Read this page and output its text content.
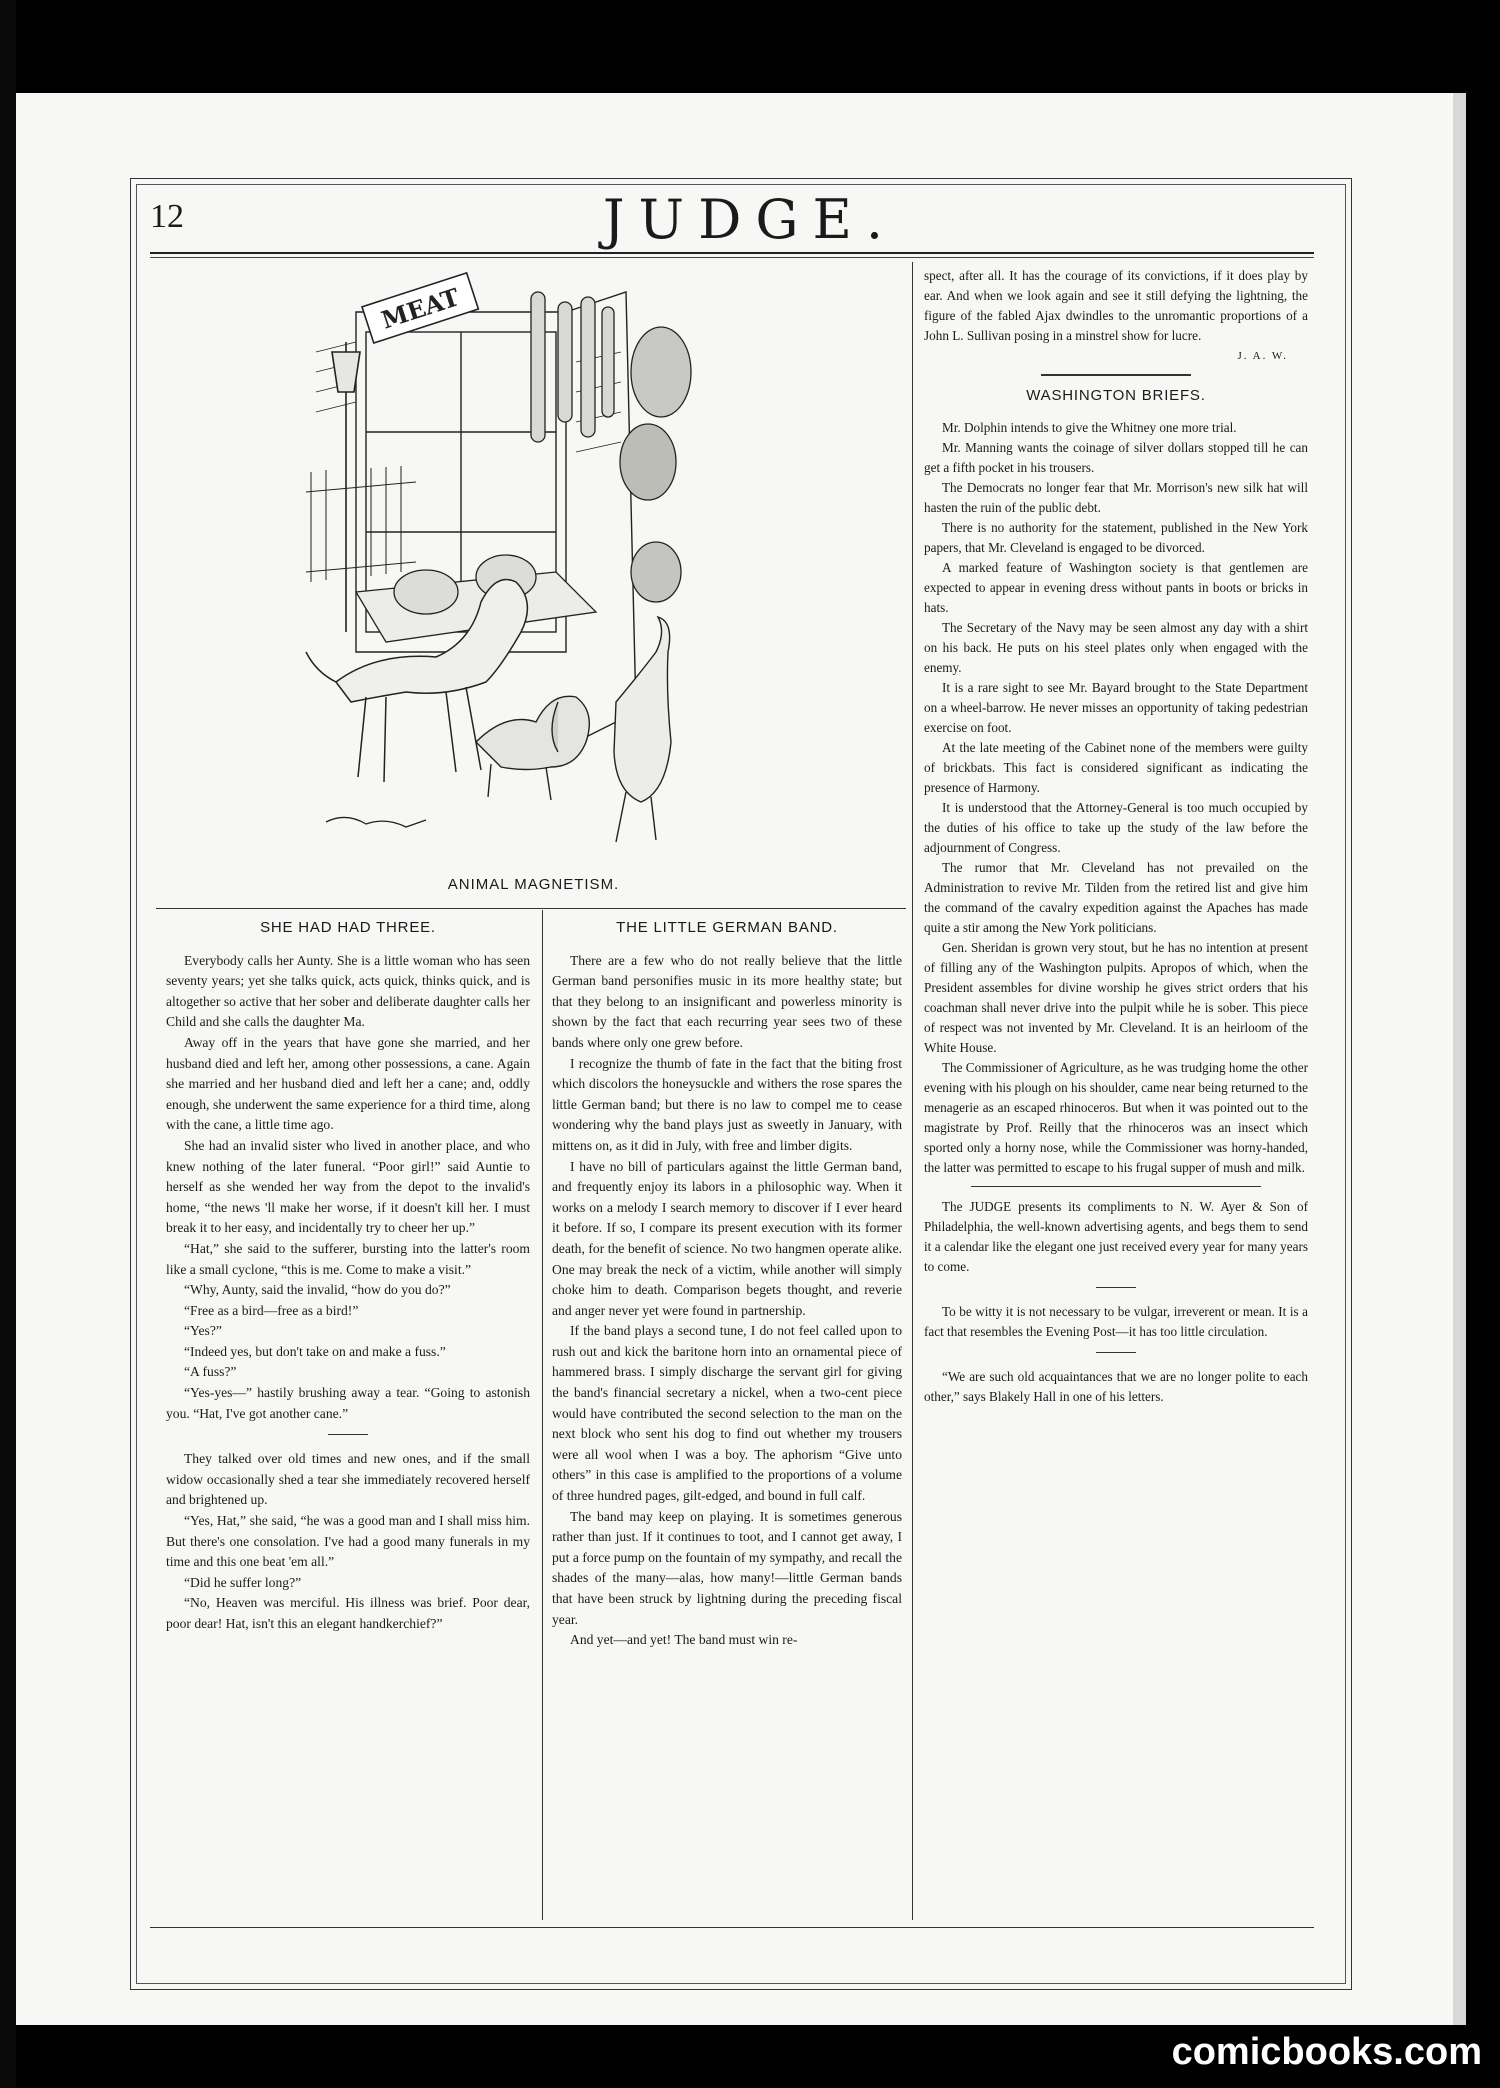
12	JUDGE.
MEAT
ANIMAL MAGNETISM.
SHE HAD HAD THREE.

Everybody calls her Aunty. She is a little woman who has seen seventy years; yet she talks quick, acts quick, thinks quick, and is altogether so active that her sober and deliberate daughter calls her Child and she calls the daughter Ma.

Away off in the years that have gone she married, and her husband died and left her, among other possessions, a cane. Again she married and her husband died and left her a cane; and, oddly enough, she underwent the same experience for a third time, along with the cane, a little time ago.

She had an invalid sister who lived in another place, and who knew nothing of the later funeral. “Poor girl!” said Auntie to herself as she wended her way from the depot to the invalid's home, “the news 'll make her worse, if it doesn't kill her. I must break it to her easy, and incidentally try to cheer her up.”

“Hat,” she said to the sufferer, bursting into the latter's room like a small cyclone, “this is me. Come to make a visit.”

“Why, Aunty, said the invalid, “how do you do?”

“Free as a bird—free as a bird!”

“Yes?”

“Indeed yes, but don't take on and make a fuss.”

“A fuss?”

“Yes-yes—” hastily brushing away a tear. “Going to astonish you. “Hat, I've got another cane.”

They talked over old times and new ones, and if the small widow occasionally shed a tear she immediately recovered herself and brightened up.

“Yes, Hat,” she said, “he was a good man and I shall miss him. But there's one consolation. I've had a good many funerals in my time and this one beat 'em all.”

“Did he suffer long?”

“No, Heaven was merciful. His illness was brief. Poor dear, poor dear! Hat, isn't this an elegant handkerchief?”

THE LITTLE GERMAN BAND.

There are a few who do not really believe that the little German band personifies music in its more healthy state; but that they belong to an insignificant and powerless minority is shown by the fact that each recurring year sees two of these bands where only one grew before.

I recognize the thumb of fate in the fact that the biting frost which discolors the honeysuckle and withers the rose spares the little German band; but there is no law to compel me to cease wondering why the band plays just as sweetly in January, with mittens on, as it did in July, with free and limber digits.

I have no bill of particulars against the little German band, and frequently enjoy its labors in a philosophic way. When it works on a melody I search memory to discover if I ever heard it before. If so, I compare its present execution with its former death, for the benefit of science. No two hangmen operate alike. One may break the neck of a victim, while another will simply choke him to death. Comparison begets thought, and reverie and anger never yet were found in partnership.

If the band plays a second tune, I do not feel called upon to rush out and kick the baritone horn into an ornamental piece of hammered brass. I simply discharge the servant girl for giving the band's financial secretary a nickel, when a two-cent piece would have contributed the second selection to the man on the next block who sent his dog to find out whether my trousers were all wool when I was a boy. The aphorism “Give unto others” in this case is amplified to the proportions of a volume of three hundred pages, gilt-edged, and bound in full calf.

The band may keep on playing. It is sometimes generous rather than just. If it continues to toot, and I cannot get away, I put a force pump on the fountain of my sympathy, and recall the shades of the many—alas, how many!—little German bands that have been struck by lightning during the preceding fiscal year.

And yet—and yet! The band must win re-

spect, after all. It has the courage of its convictions, if it does play by ear. And when we look again and see it still defying the lightning, the figure of the fabled Ajax dwindles to the unromantic proportions of a John L. Sullivan posing in a minstrel show for lucre.

J. A. W.
WASHINGTON BRIEFS.

Mr. Dolphin intends to give the Whitney one more trial.

Mr. Manning wants the coinage of silver dollars stopped till he can get a fifth pocket in his trousers.

The Democrats no longer fear that Mr. Morrison's new silk hat will hasten the ruin of the public debt.

There is no authority for the statement, published in the New York papers, that Mr. Cleveland is engaged to be divorced.

A marked feature of Washington society is that gentlemen are expected to appear in evening dress without pants in boots or bricks in hats.

The Secretary of the Navy may be seen almost any day with a shirt on his back. He puts on his steel plates only when engaged with the enemy.

It is a rare sight to see Mr. Bayard brought to the State Department on a wheel-barrow. He never misses an opportunity of taking pedestrian exercise on foot.

At the late meeting of the Cabinet none of the members were guilty of brickbats. This fact is considered significant as indicating the presence of Harmony.

It is understood that the Attorney-General is too much occupied by the duties of his office to take up the study of the law before the adjournment of Congress.

The rumor that Mr. Cleveland has not prevailed on the Administration to revive Mr. Tilden from the retired list and give him the command of the cavalry expedition against the Apaches has made quite a stir among the New York politicians.

Gen. Sheridan is grown very stout, but he has no intention at present of filling any of the Washington pulpits. Apropos of which, when the President assembles for divine worship he gives strict orders that his coachman shall never drive into the pulpit while he is sober. This piece of respect was not invented by Mr. Cleveland. It is an heirloom of the White House.

The Commissioner of Agriculture, as he was trudging home the other evening with his plough on his shoulder, came near being returned to the menagerie as an escaped rhinoceros. But when it was pointed out to the magistrate by Prof. Reilly that the rhinoceros was an insect which sported only a horny nose, while the Commissioner was horny-handed, the latter was permitted to escape to his frugal supper of mush and milk.

The JUDGE presents its compliments to N. W. Ayer & Son of Philadelphia, the well-known advertising agents, and begs them to send it a calendar like the elegant one just received every year for many years to come.

To be witty it is not necessary to be vulgar, irreverent or mean. It is a fact that resembles the Evening Post—it has too little circulation.

“We are such old acquaintances that we are no longer polite to each other,” says Blakely Hall in one of his letters.

comicbooks.com
